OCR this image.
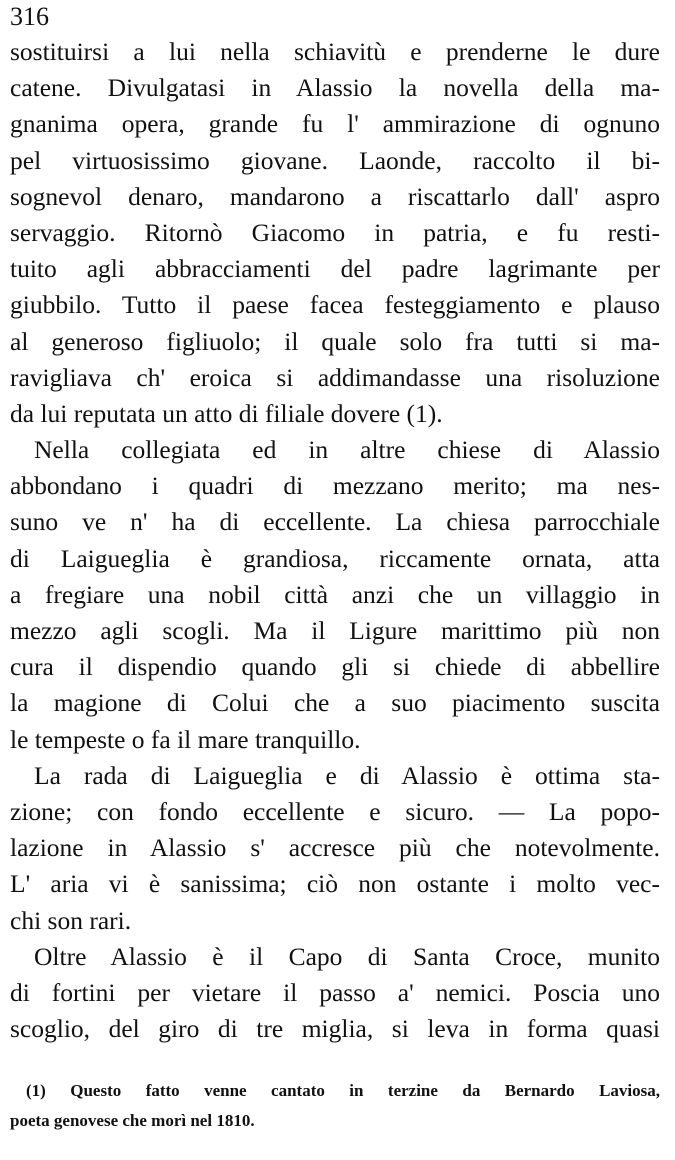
316
sostituirsi a lui nella schiavitù e prenderne le dure
catene. Divulgatasi in Alassio la novella della ma-
gnanima opera, grande fu l' ammirazione di ognuno
pel virtuosissimo giovane. Laonde, raccolto il bi-
sognevol denaro, mandarono a riscattarlo dall' aspro
servaggio. Ritornò Giacomo in patria, e fu resti-
tuito agli abbracciamenti del padre lagrimante per
giubbilo. Tutto il paese facea festeggiamento e plauso
al generoso figliuolo; il quale solo fra tutti si ma-
ravigliava ch' eroica si addimandasse una risoluzione
da lui reputata un atto di filiale dovere (1).
Nella collegiata ed in altre chiese di Alassio
abbondano i quadri di mezzano merito; ma nes-
suno ve n' ha di eccellente. La chiesa parrocchiale
di Laigueglia è grandiosa, riccamente ornata, atta
a fregiare una nobil città anzi che un villaggio in
mezzo agli scogli. Ma il Ligure marittimo più non
cura il dispendio quando gli si chiede di abbellire
la magione di Colui che a suo piacimento suscita
le tempeste o fa il mare tranquillo.
La rada di Laigueglia e di Alassio è ottima sta-
zione; con fondo eccellente e sicuro. — La popo-
lazione in Alassio s' accresce più che notevolmente.
L' aria vi è sanissima; ciò non ostante i molto vec-
chi son rari.
Oltre Alassio è il Capo di Santa Croce, munito
di fortini per vietare il passo a' nemici. Poscia uno
scoglio, del giro di tre miglia, si leva in forma quasi
(1) Questo fatto venne cantato in terzine da Bernardo Laviosa,
poeta genovese che morì nel 1810.
